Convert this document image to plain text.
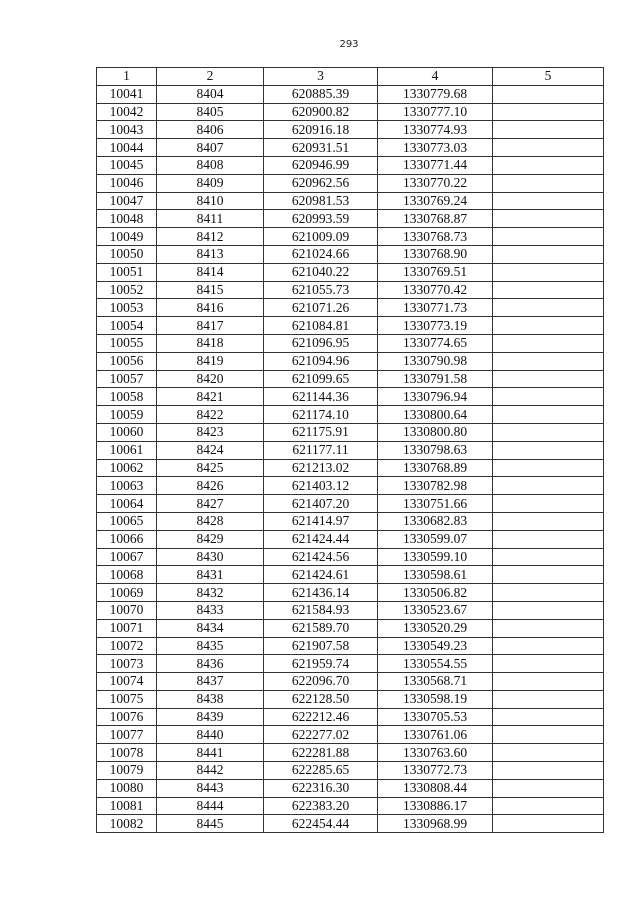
293
1	2	3	4	5
10041	8404	620885.39	1330779.68	
10042	8405	620900.82	1330777.10	
10043	8406	620916.18	1330774.93	
10044	8407	620931.51	1330773.03	
10045	8408	620946.99	1330771.44	
10046	8409	620962.56	1330770.22	
10047	8410	620981.53	1330769.24	
10048	8411	620993.59	1330768.87	
10049	8412	621009.09	1330768.73	
10050	8413	621024.66	1330768.90	
10051	8414	621040.22	1330769.51	
10052	8415	621055.73	1330770.42	
10053	8416	621071.26	1330771.73	
10054	8417	621084.81	1330773.19	
10055	8418	621096.95	1330774.65	
10056	8419	621094.96	1330790.98	
10057	8420	621099.65	1330791.58	
10058	8421	621144.36	1330796.94	
10059	8422	621174.10	1330800.64	
10060	8423	621175.91	1330800.80	
10061	8424	621177.11	1330798.63	
10062	8425	621213.02	1330768.89	
10063	8426	621403.12	1330782.98	
10064	8427	621407.20	1330751.66	
10065	8428	621414.97	1330682.83	
10066	8429	621424.44	1330599.07	
10067	8430	621424.56	1330599.10	
10068	8431	621424.61	1330598.61	
10069	8432	621436.14	1330506.82	
10070	8433	621584.93	1330523.67	
10071	8434	621589.70	1330520.29	
10072	8435	621907.58	1330549.23	
10073	8436	621959.74	1330554.55	
10074	8437	622096.70	1330568.71	
10075	8438	622128.50	1330598.19	
10076	8439	622212.46	1330705.53	
10077	8440	622277.02	1330761.06	
10078	8441	622281.88	1330763.60	
10079	8442	622285.65	1330772.73	
10080	8443	622316.30	1330808.44	
10081	8444	622383.20	1330886.17	
10082	8445	622454.44	1330968.99	
